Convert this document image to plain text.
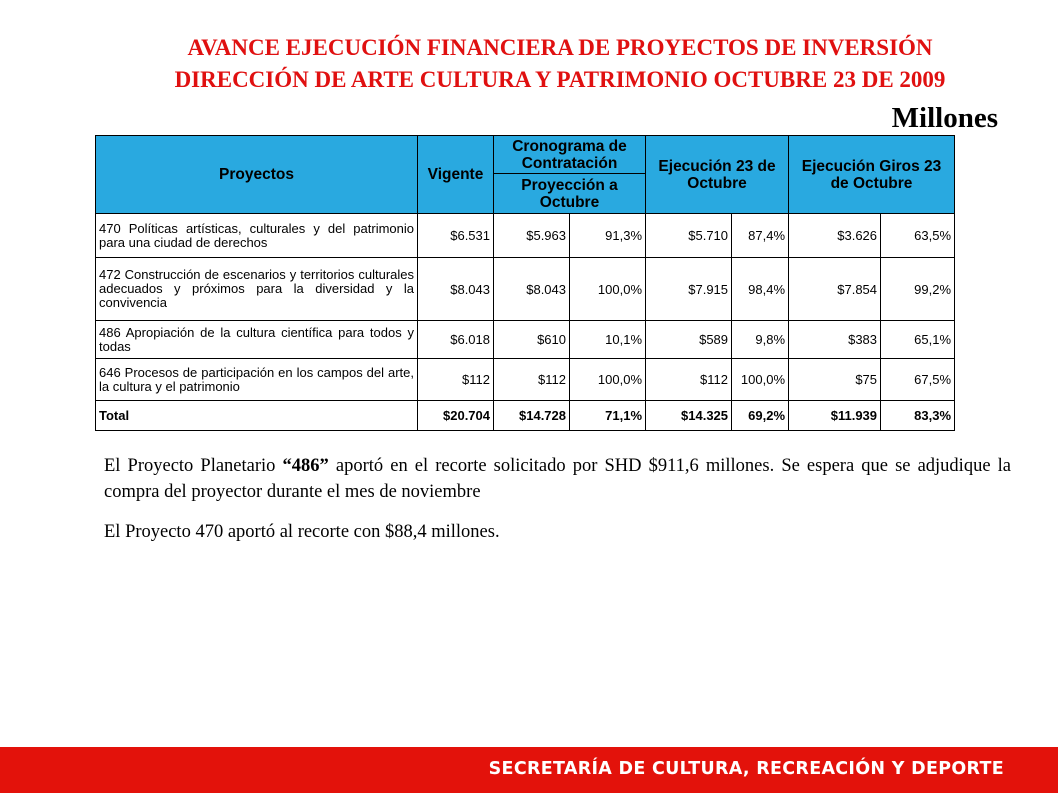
AVANCE EJECUCIÓN FINANCIERA DE PROYECTOS DE INVERSIÓN
DIRECCIÓN DE ARTE CULTURA Y PATRIMONIO OCTUBRE 23 DE 2009
Millones
Proyectos	Vigente	Cronograma de Contratación		Ejecución 23 de Octubre		Ejecución Giros 23 de Octubre	
		Proyección a Octubre					
470 Políticas artísticas, culturales y del patrimonio para una ciudad de derechos	$6.531	$5.963	91,3%	$5.710	87,4%	$3.626	63,5%
472 Construcción de escenarios y territorios culturales adecuados y próximos para la diversidad y la convivencia	$8.043	$8.043	100,0%	$7.915	98,4%	$7.854	99,2%
486 Apropiación de la cultura científica para todos y todas	$6.018	$610	10,1%	$589	9,8%	$383	65,1%
646 Procesos de participación en los campos del arte, la cultura y el patrimonio	$112	$112	100,0%	$112	100,0%	$75	67,5%
Total	$20.704	$14.728	71,1%	$14.325	69,2%	$11.939	83,3%

El Proyecto Planetario “486” aportó en el recorte solicitado por SHD $911,6 millones. Se espera que se adjudique la compra del proyector durante el mes de noviembre

El Proyecto 470 aportó al recorte con $88,4 millones.

SECRETARÍA DE CULTURA, RECREACIÓN Y DEPORTE
